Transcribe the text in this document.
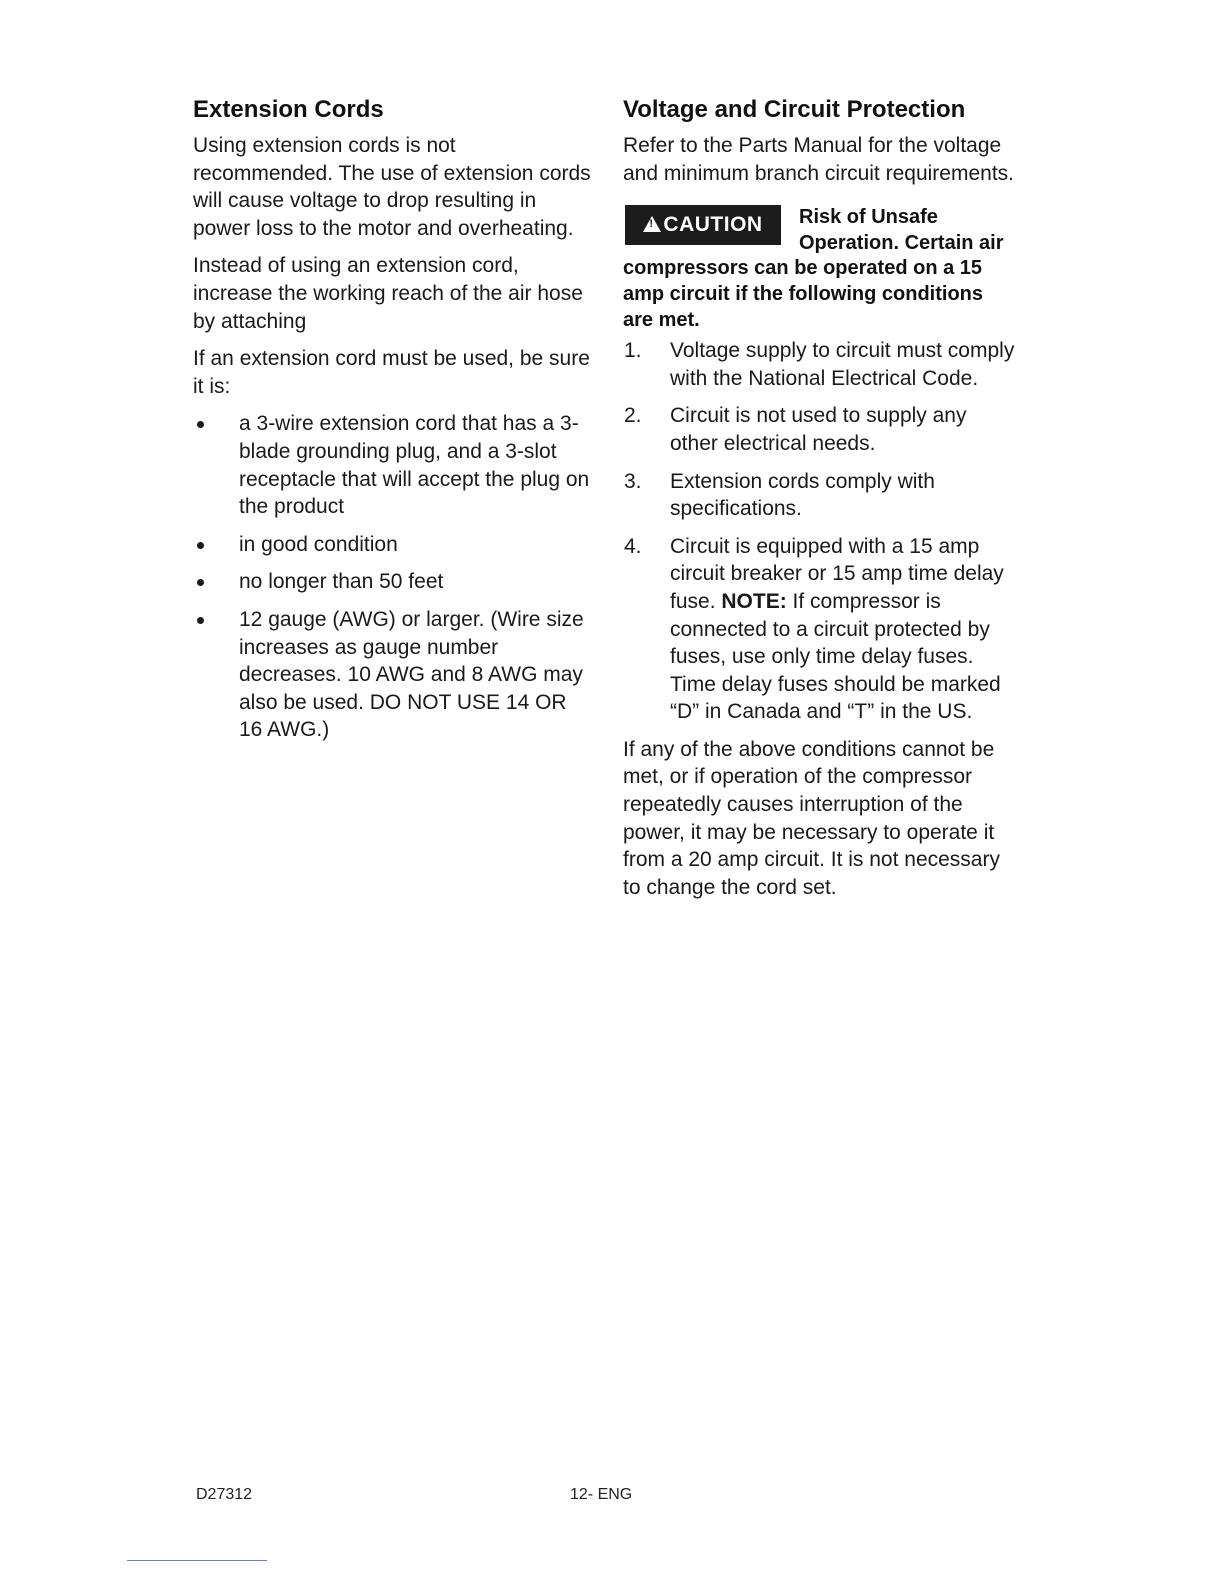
Extension Cords

Using extension cords is not recommended. The use of extension cords will cause voltage to drop resulting in power loss to the motor and overheating.

Instead of using an extension cord, increase the working reach of the air hose by attaching

If an extension cord must be used, be sure it is:

a 3-wire extension cord that has a 3-blade grounding plug, and a 3-slot receptacle that will accept the plug on the product
in good condition
no longer than 50 feet
12 gauge (AWG) or larger. (Wire size increases as gauge number decreases. 10 AWG and 8 AWG may also be used. DO NOT USE 14 OR 16 AWG.)
Voltage and Circuit Protection

Refer to the Parts Manual for the voltage and minimum branch circuit requirements.

!
CAUTION	Risk of Unsafe Operation. Certain air compressors can be operated on a 15 amp circuit if the following conditions are met.
1. Voltage supply to circuit must comply with the National Electrical Code.
2. Circuit is not used to supply any other electrical needs.
3. Extension cords comply with specifications.
4. Circuit is equipped with a 15 amp circuit breaker or 15 amp time delay fuse. NOTE: If compressor is connected to a circuit protected by fuses, use only time delay fuses. Time delay fuses should be marked “D” in Canada and “T” in the US.

If any of the above conditions cannot be met, or if operation of the compressor repeatedly causes interruption of the power, it may be necessary to operate it from a 20 amp circuit. It is not necessary to change the cord set.

D27312	12- ENG
